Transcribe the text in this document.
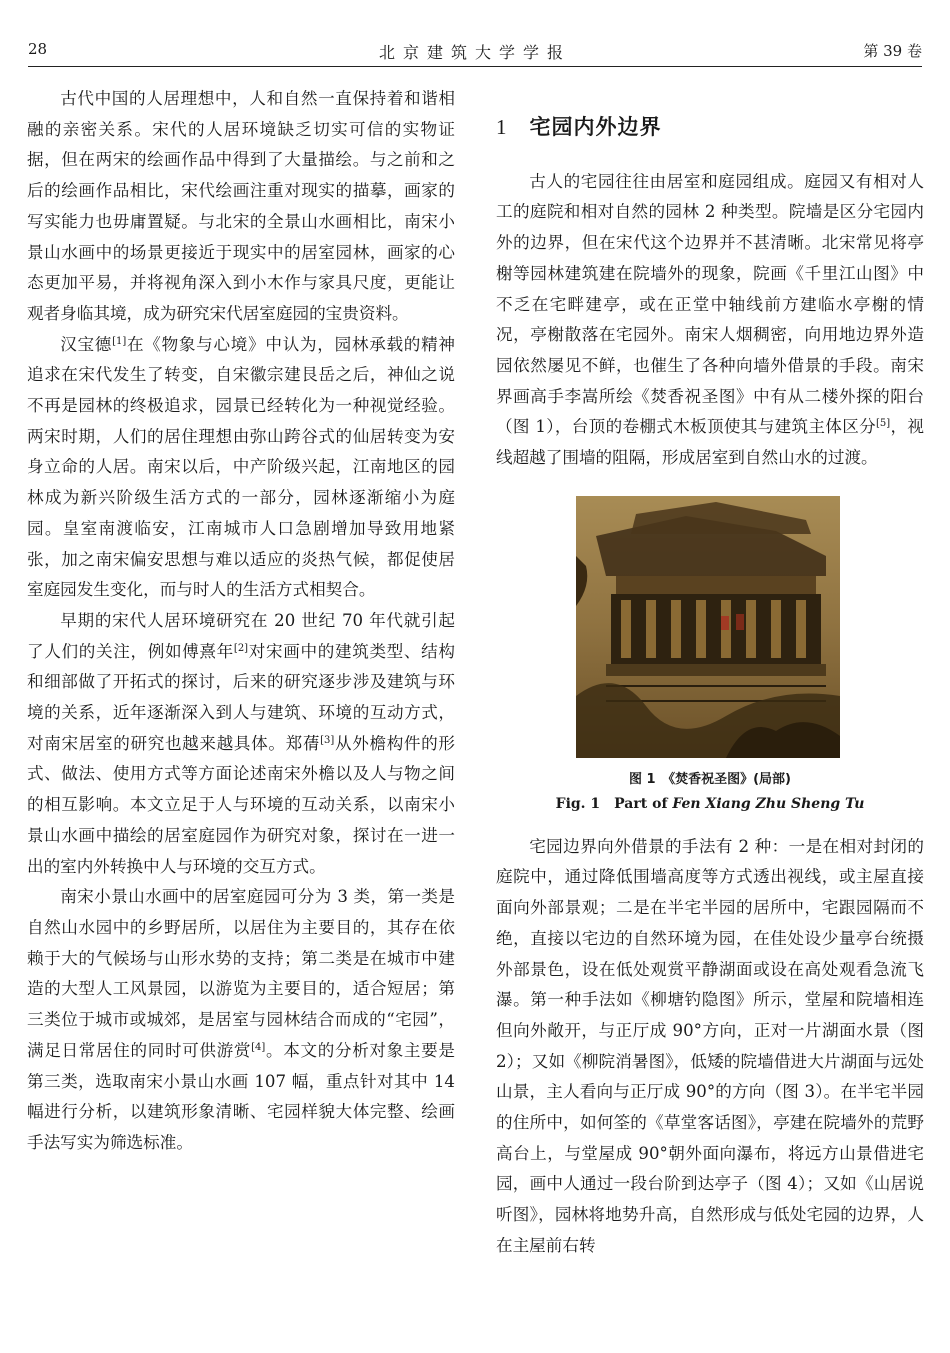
28	北京建筑大学学报	第 39 卷

古代中国的人居理想中，人和自然一直保持着和谐相融的亲密关系。宋代的人居环境缺乏切实可信的实物证据，但在两宋的绘画作品中得到了大量描绘。与之前和之后的绘画作品相比，宋代绘画注重对现实的描摹，画家的写实能力也毋庸置疑。与北宋的全景山水画相比，南宋小景山水画中的场景更接近于现实中的居室园林，画家的心态更加平易，并将视角深入到小木作与家具尺度，更能让观者身临其境，成为研究宋代居室庭园的宝贵资料。

汉宝德[1]在《物象与心境》中认为，园林承载的精神追求在宋代发生了转变，自宋徽宗建艮岳之后，神仙之说不再是园林的终极追求，园景已经转化为一种视觉经验。两宋时期，人们的居住理想由弥山跨谷式的仙居转变为安身立命的人居。南宋以后，中产阶级兴起，江南地区的园林成为新兴阶级生活方式的一部分，园林逐渐缩小为庭园。皇室南渡临安，江南城市人口急剧增加导致用地紧张，加之南宋偏安思想与难以适应的炎热气候，都促使居室庭园发生变化，而与时人的生活方式相契合。

早期的宋代人居环境研究在 20 世纪 70 年代就引起了人们的关注，例如傅熹年[2]对宋画中的建筑类型、结构和细部做了开拓式的探讨，后来的研究逐步涉及建筑与环境的关系，近年逐渐深入到人与建筑、环境的互动方式，对南宋居室的研究也越来越具体。郑蒨[3]从外檐构件的形式、做法、使用方式等方面论述南宋外檐以及人与物之间的相互影响。本文立足于人与环境的互动关系，以南宋小景山水画中描绘的居室庭园作为研究对象，探讨在一进一出的室内外转换中人与环境的交互方式。

南宋小景山水画中的居室庭园可分为 3 类，第一类是自然山水园中的乡野居所，以居住为主要目的，其存在依赖于大的气候场与山形水势的支持；第二类是在城市中建造的大型人工风景园，以游览为主要目的，适合短居；第三类位于城市或城郊，是居室与园林结合而成的“宅园”，满足日常居住的同时可供游赏[4]。本文的分析对象主要是第三类，选取南宋小景山水画 107 幅，重点针对其中 14 幅进行分析，以建筑形象清晰、宅园样貌大体完整、绘画手法写实为筛选标准。

1 宅园内外边界

古人的宅园往往由居室和庭园组成。庭园又有相对人工的庭院和相对自然的园林 2 种类型。院墙是区分宅园内外的边界，但在宋代这个边界并不甚清晰。北宋常见将亭榭等园林建筑建在院墙外的现象，院画《千里江山图》中不乏在宅畔建亭，或在正堂中轴线前方建临水亭榭的情况，亭榭散落在宅园外。南宋人烟稠密，向用地边界外造园依然屡见不鲜，也催生了各种向墙外借景的手段。南宋界画高手李嵩所绘《焚香祝圣图》中有从二楼外探的阳台（图 1），台顶的卷棚式木板顶使其与建筑主体区分[5]，视线超越了围墙的阻隔，形成居室到自然山水的过渡。

图 1　《焚香祝圣图》(局部)
Fig. 1　Part of Fen Xiang Zhu Sheng Tu

宅园边界向外借景的手法有 2 种：一是在相对封闭的庭院中，通过降低围墙高度等方式透出视线，或主屋直接面向外部景观；二是在半宅半园的居所中，宅跟园隔而不绝，直接以宅边的自然环境为园，在佳处设少量亭台统摄外部景色，设在低处观赏平静湖面或设在高处观看急流飞瀑。第一种手法如《柳塘钓隐图》所示，堂屋和院墙相连但向外敞开，与正厅成 90°方向，正对一片湖面水景（图 2）；又如《柳院消暑图》，低矮的院墙借进大片湖面与远处山景，主人看向与正厅成 90°的方向（图 3）。在半宅半园的住所中，如何筌的《草堂客话图》，亭建在院墙外的荒野高台上，与堂屋成 90°朝外面向瀑布，将远方山景借进宅园，画中人通过一段台阶到达亭子（图 4）；又如《山居说听图》，园林将地势升高，自然形成与低处宅园的边界，人在主屋前右转
